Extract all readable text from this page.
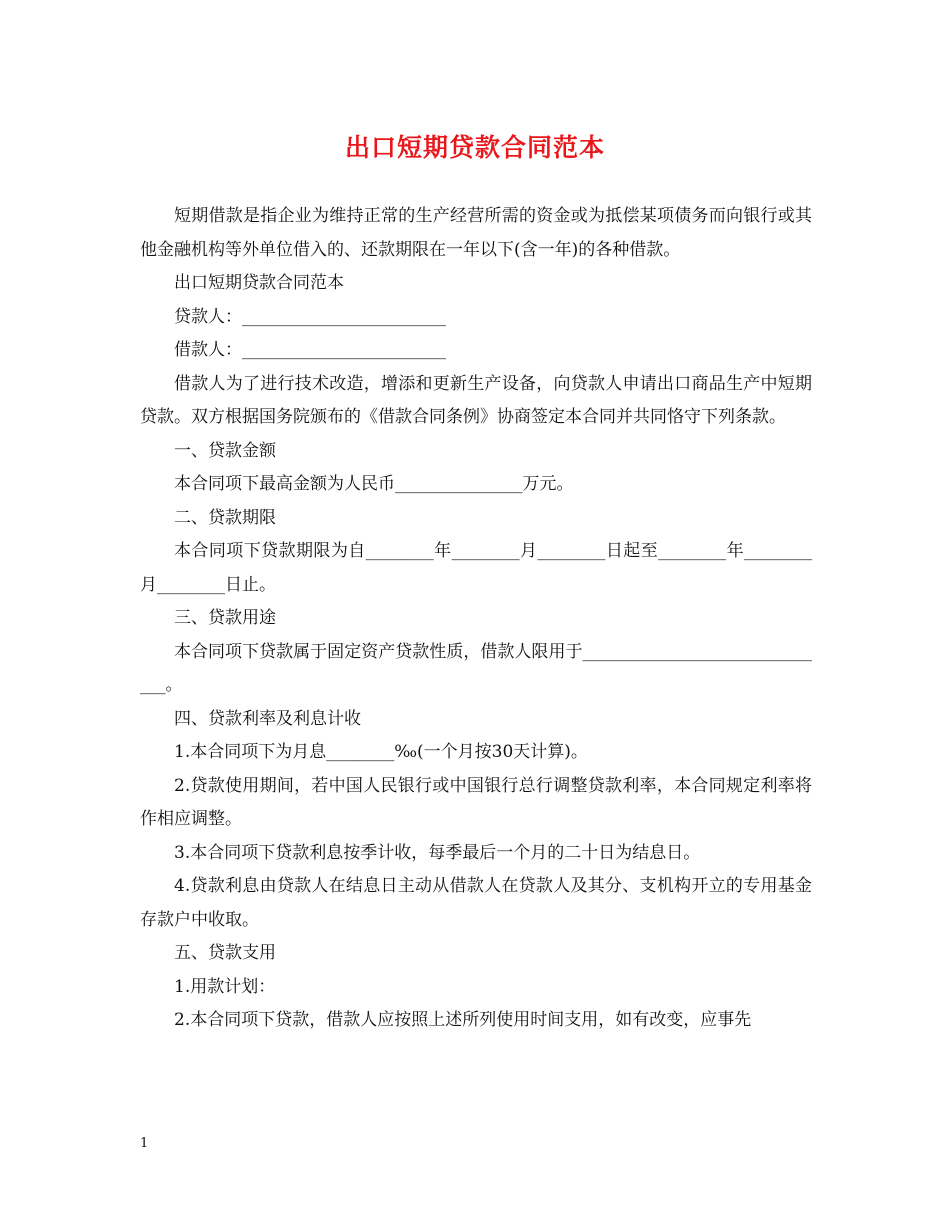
出口短期贷款合同范本

短期借款是指企业为维持正常的生产经营所需的资金或为抵偿某项债务而向银行或其他金融机构等外单位借入的、还款期限在一年以下(含一年)的各种借款。

出口短期贷款合同范本

贷款人：________________________

借款人：________________________

借款人为了进行技术改造，增添和更新生产设备，向贷款人申请出口商品生产中短期贷款。双方根据国务院颁布的《借款合同条例》协商签定本合同并共同恪守下列条款。

一、贷款金额

本合同项下最高金额为人民币_______________万元。

二、贷款期限

本合同项下贷款期限为自________年________月________日起至________年________月________日止。

三、贷款用途

本合同项下贷款属于固定资产贷款性质，借款人限用于______________________________。

四、贷款利率及利息计收

1.本合同项下为月息________‰(一个月按30天计算)。

2.贷款使用期间，若中国人民银行或中国银行总行调整贷款利率，本合同规定利率将作相应调整。

3.本合同项下贷款利息按季计收，每季最后一个月的二十日为结息日。

4.贷款利息由贷款人在结息日主动从借款人在贷款人及其分、支机构开立的专用基金存款户中收取。

五、贷款支用

1.用款计划：

2.本合同项下贷款，借款人应按照上述所列使用时间支用，如有改变，应事先

1
